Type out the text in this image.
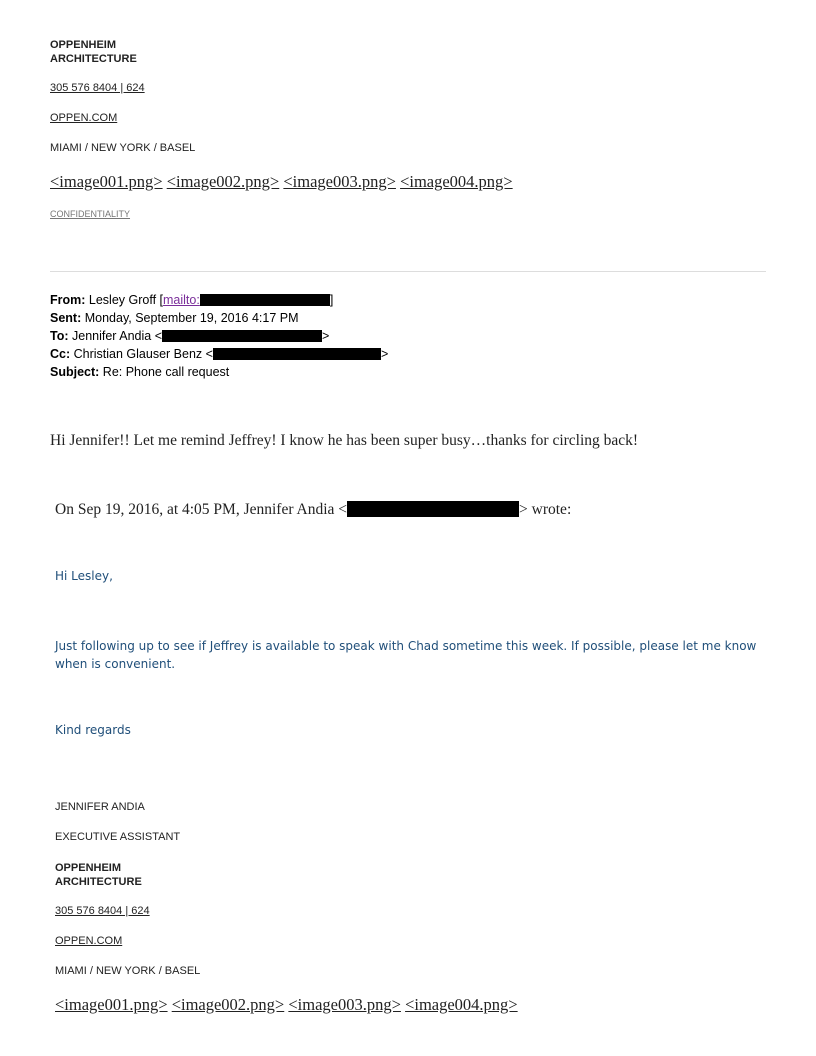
OPPENHEIM
ARCHITECTURE
305 576 8404 | 624
OPPEN.COM
MIAMI / NEW YORK / BASEL
<image001.png> <image002.png> <image003.png> <image004.png>
CONFIDENTIALITY
From: Lesley Groff [mailto:	]
Sent: Monday, September 19, 2016 4:17 PM
To: Jennifer Andia <	>
Cc: Christian Glauser Benz <	>
Subject: Re: Phone call request
Hi Jennifer!! Let me remind Jeffrey! I know he has been super busy…thanks for circling back!
On Sep 19, 2016, at 4:05 PM, Jennifer Andia <	> wrote:
Hi Lesley,
Just following up to see if Jeffrey is available to speak with Chad sometime this week. If possible, please let me know
when is convenient.
Kind regards
JENNIFER ANDIA
EXECUTIVE ASSISTANT
OPPENHEIM
ARCHITECTURE
305 576 8404 | 624
OPPEN.COM
MIAMI / NEW YORK / BASEL
<image001.png> <image002.png> <image003.png> <image004.png>
